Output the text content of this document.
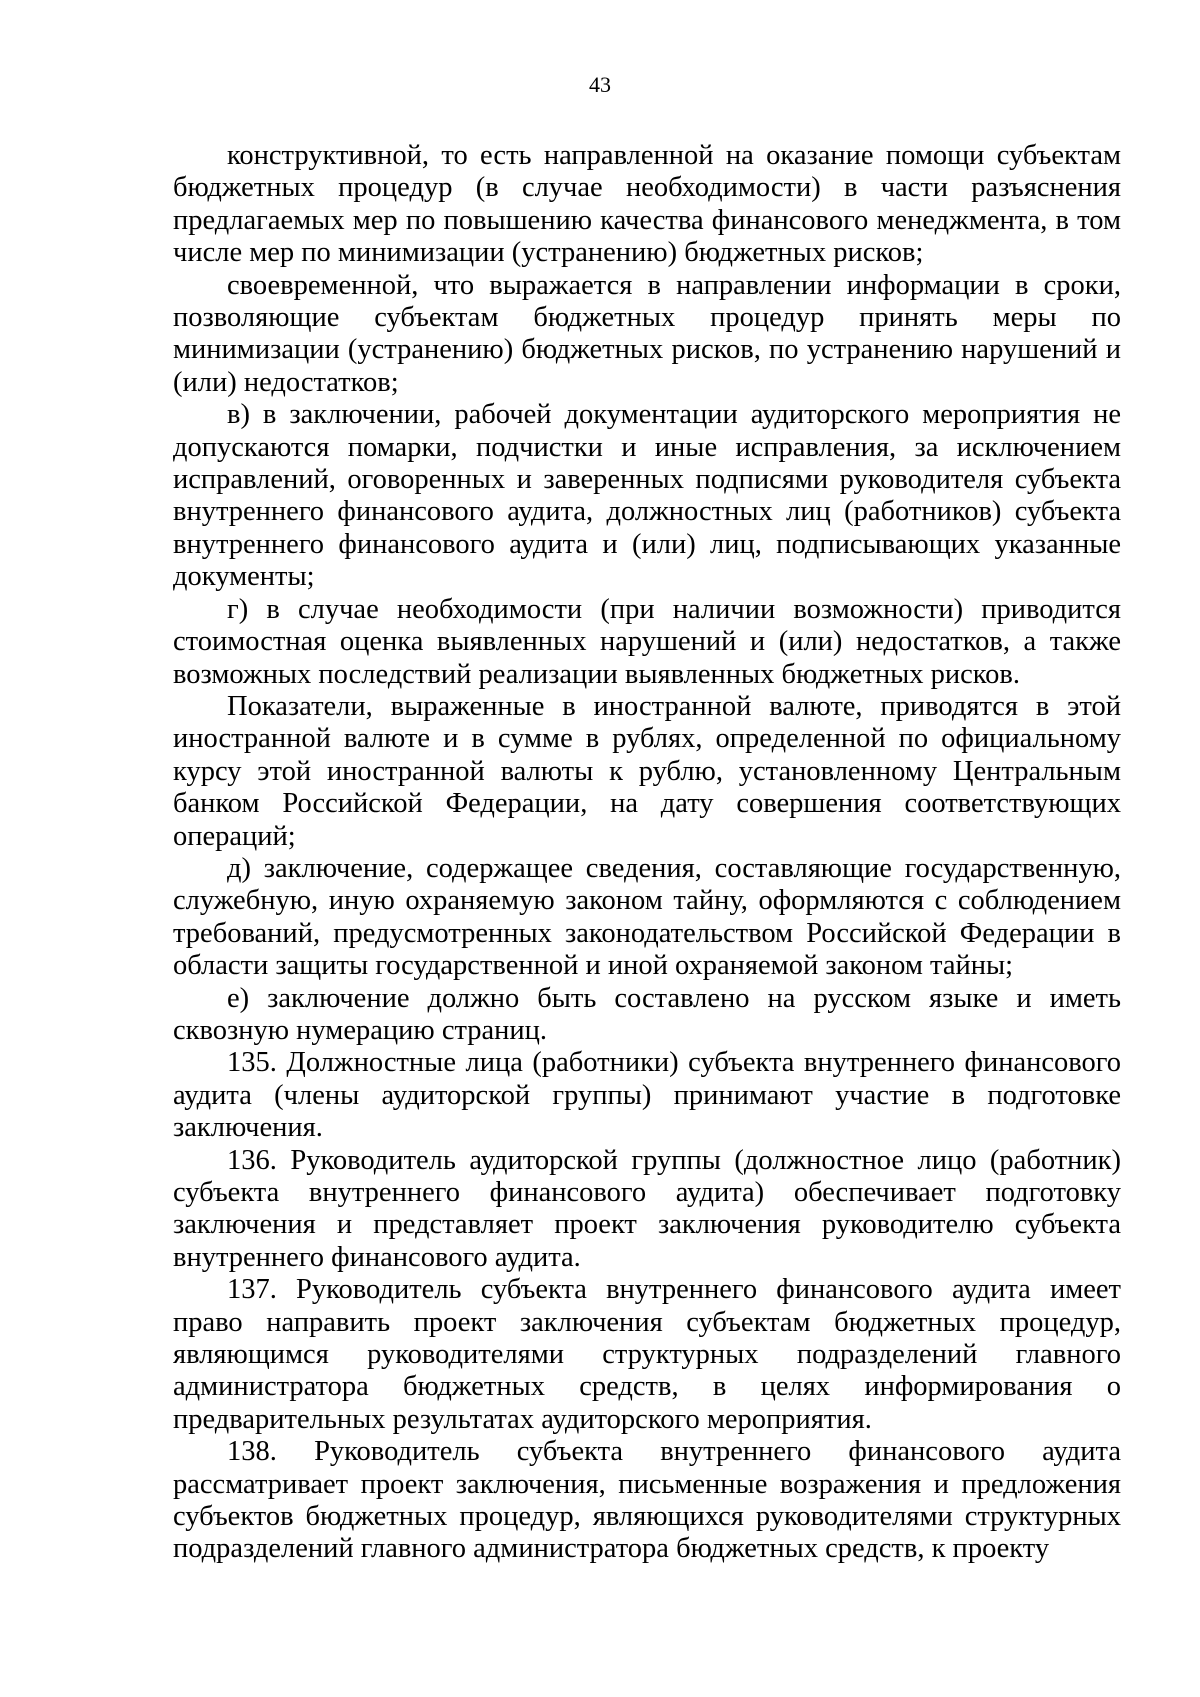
43

конструктивной, то есть направленной на оказание помощи субъектам бюджетных процедур (в случае необходимости) в части разъяснения предлагаемых мер по повышению качества финансового менеджмента, в том числе мер по минимизации (устранению) бюджетных рисков;

своевременной, что выражается в направлении информации в сроки, позволяющие субъектам бюджетных процедур принять меры по минимизации (устранению) бюджетных рисков, по устранению нарушений и (или) недостатков;

в) в заключении, рабочей документации аудиторского мероприятия не допускаются помарки, подчистки и иные исправления, за исключением исправлений, оговоренных и заверенных подписями руководителя субъекта внутреннего финансового аудита, должностных лиц (работников) субъекта внутреннего финансового аудита и (или) лиц, подписывающих указанные документы;

г) в случае необходимости (при наличии возможности) приводится стоимостная оценка выявленных нарушений и (или) недостатков, а также возможных последствий реализации выявленных бюджетных рисков.

Показатели, выраженные в иностранной валюте, приводятся в этой иностранной валюте и в сумме в рублях, определенной по официальному курсу этой иностранной валюты к рублю, установленному Центральным банком Российской Федерации, на дату совершения соответствующих операций;

д) заключение, содержащее сведения, составляющие государственную, служебную, иную охраняемую законом тайну, оформляются с соблюдением требований, предусмотренных законодательством Российской Федерации в области защиты государственной и иной охраняемой законом тайны;

е) заключение должно быть составлено на русском языке и иметь сквозную нумерацию страниц.

135. Должностные лица (работники) субъекта внутреннего финансового аудита (члены аудиторской группы) принимают участие в подготовке заключения.

136. Руководитель аудиторской группы (должностное лицо (работник) субъекта внутреннего финансового аудита) обеспечивает подготовку заключения и представляет проект заключения руководителю субъекта внутреннего финансового аудита.

137. Руководитель субъекта внутреннего финансового аудита имеет право направить проект заключения субъектам бюджетных процедур, являющимся руководителями структурных подразделений главного администратора бюджетных средств, в целях информирования о предварительных результатах аудиторского мероприятия.

138. Руководитель субъекта внутреннего финансового аудита рассматривает проект заключения, письменные возражения и предложения субъектов бюджетных процедур, являющихся руководителями структурных подразделений главного администратора бюджетных средств, к проекту
